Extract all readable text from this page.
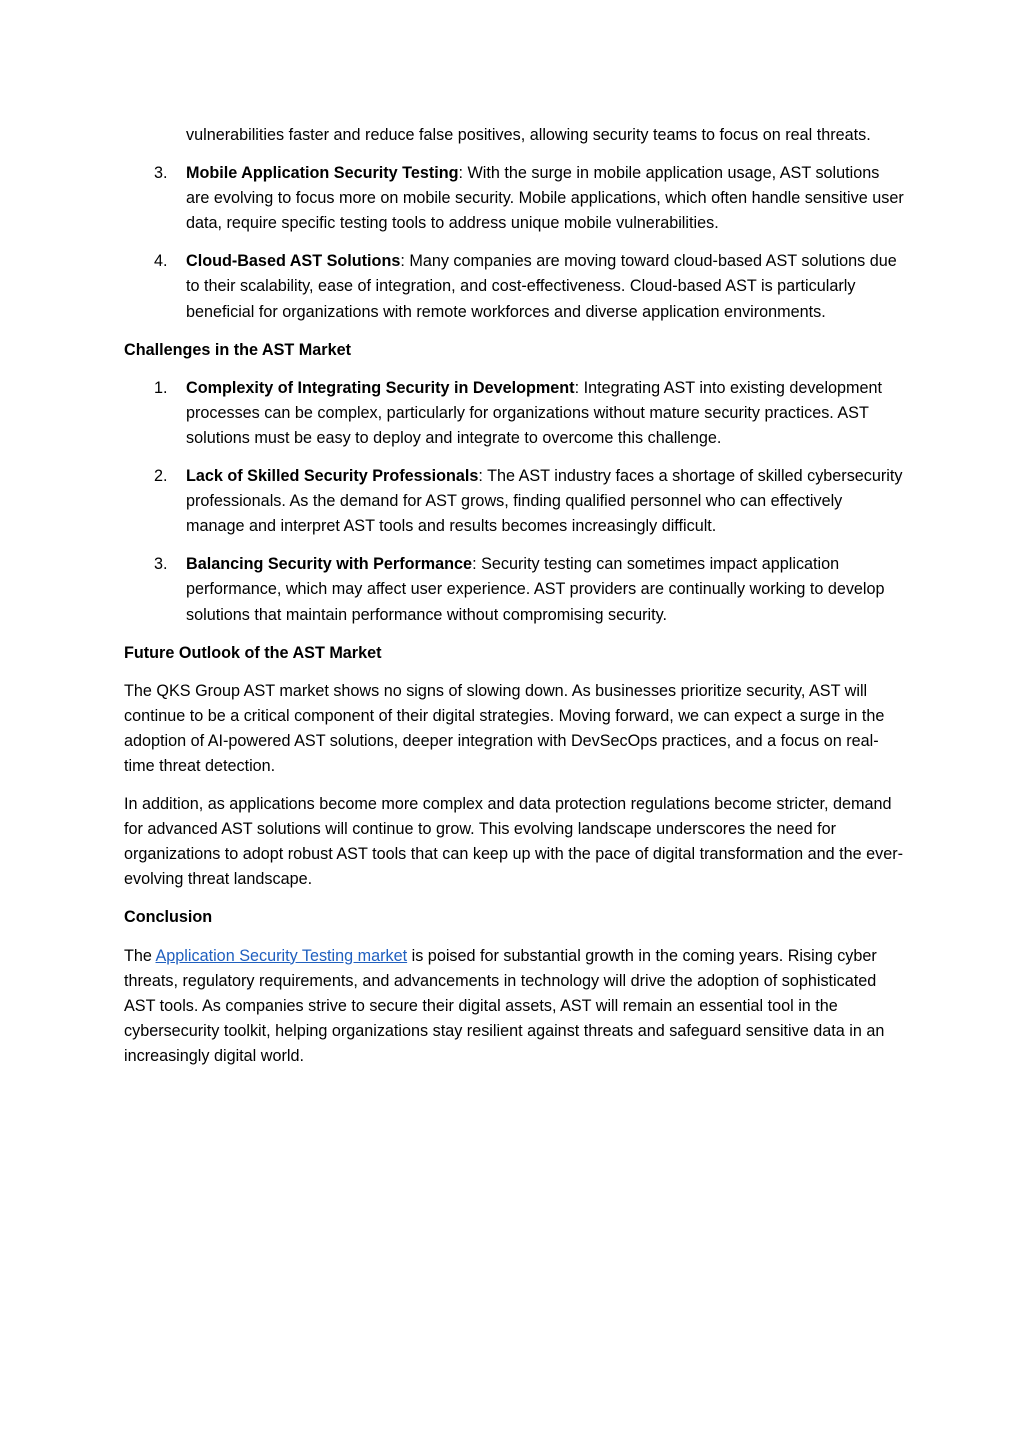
vulnerabilities faster and reduce false positives, allowing security teams to focus on real threats.

3. Mobile Application Security Testing: With the surge in mobile application usage, AST solutions are evolving to focus more on mobile security. Mobile applications, which often handle sensitive user data, require specific testing tools to address unique mobile vulnerabilities.
4. Cloud-Based AST Solutions: Many companies are moving toward cloud-based AST solutions due to their scalability, ease of integration, and cost-effectiveness. Cloud-based AST is particularly beneficial for organizations with remote workforces and diverse application environments.

Challenges in the AST Market

1. Complexity of Integrating Security in Development: Integrating AST into existing development processes can be complex, particularly for organizations without mature security practices. AST solutions must be easy to deploy and integrate to overcome this challenge.
2. Lack of Skilled Security Professionals: The AST industry faces a shortage of skilled cybersecurity professionals. As the demand for AST grows, finding qualified personnel who can effectively manage and interpret AST tools and results becomes increasingly difficult.
3. Balancing Security with Performance: Security testing can sometimes impact application performance, which may affect user experience. AST providers are continually working to develop solutions that maintain performance without compromising security.

Future Outlook of the AST Market

The QKS Group AST market shows no signs of slowing down. As businesses prioritize security, AST will continue to be a critical component of their digital strategies. Moving forward, we can expect a surge in the adoption of AI-powered AST solutions, deeper integration with DevSecOps practices, and a focus on real-time threat detection.

In addition, as applications become more complex and data protection regulations become stricter, demand for advanced AST solutions will continue to grow. This evolving landscape underscores the need for organizations to adopt robust AST tools that can keep up with the pace of digital transformation and the ever-evolving threat landscape.

Conclusion

The Application Security Testing market is poised for substantial growth in the coming years. Rising cyber threats, regulatory requirements, and advancements in technology will drive the adoption of sophisticated AST tools. As companies strive to secure their digital assets, AST will remain an essential tool in the cybersecurity toolkit, helping organizations stay resilient against threats and safeguard sensitive data in an increasingly digital world.
